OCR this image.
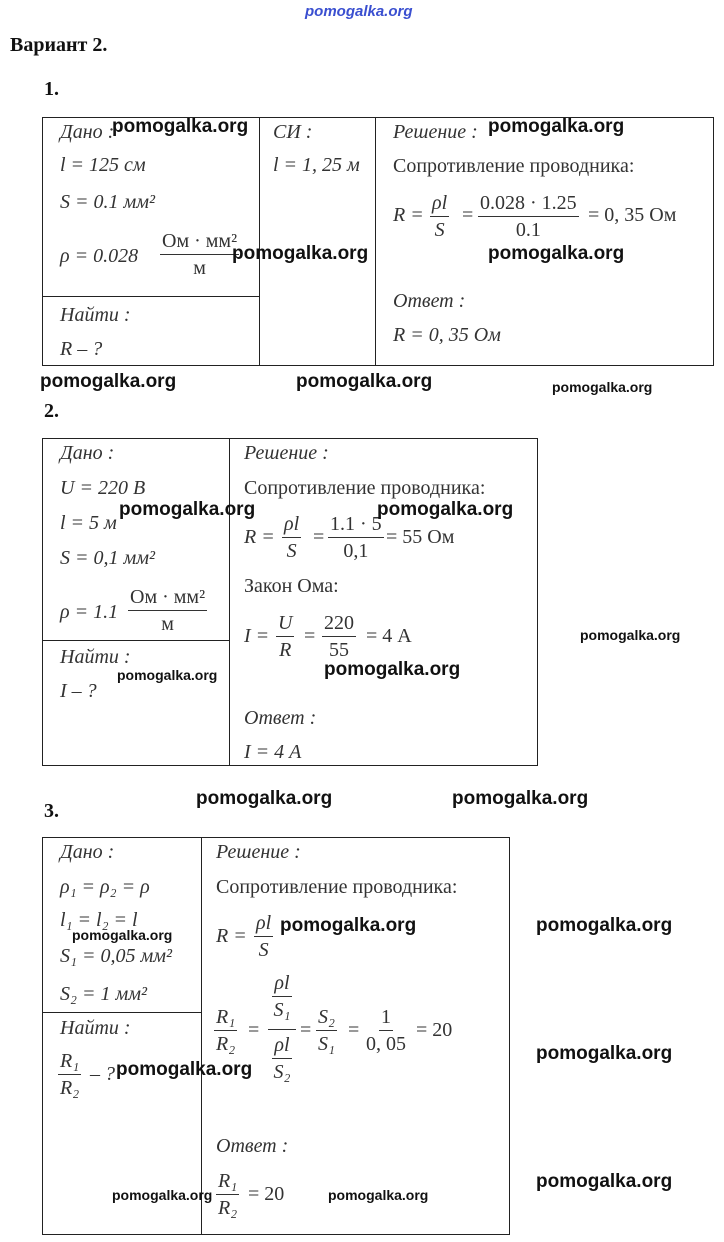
pomogalka.org
Вариант 2.
1.
Дано :
l = 125 см
S = 0.1 мм²
ρ = 0.028
Ом · мм²
м
Найти :
R – ?
СИ :
l = 1, 25 м
Решение :
Сопротивление проводника:
$R = \frac{\rho l}{S} = \frac{0.028 \cdot 1.25}{0.1} = 0$, 35 Ом
Ответ :
R = 0, 35 Ом
pomogalka.org	pomogalka.org
pomogalka.org	pomogalka.org
pomogalka.org	pomogalka.org	pomogalka.org
2.
Дано :
U = 220 В
l = 5 м
S = 0,1 мм²
ρ = 1.1
Ом · мм²
м
Найти :
I – ?
Решение :
Сопротивление проводника:
$R = \frac{\rho l}{S} = \frac{1.1 \cdot 5}{0,1} = 55$ Ом
Закон Ома:
$I = \frac{U}{R} = \frac{220}{55} = 4$ А
Ответ :
I = 4 А
pomogalka.org	pomogalka.org
pomogalka.org
pomogalka.org	pomogalka.org
3.
pomogalka.org	pomogalka.org
Дано :
ρ₁ = ρ₂ = ρ
l₁ = l₂ = l
S₁ = 0,05 мм²
S₂ = 1 мм²
Найти :
$\frac{\text{R₁}}{\text{R₂}}$ – ?
Решение :
Сопротивление проводника:
$R = \frac{\rho l}{S}$
$\frac{\text{R₁}}{\text{R₂}}$ =
$\frac{\rho l}{\text{S₁}}$
$\frac{\rho l}{\text{S₂}}$
= $\frac{\text{S₂}}{\text{S₁}} = \frac{1}{0, 05} = 20$
Ответ :
$\frac{\text{R₁}}{\text{R₂}} = 20$
pomogalka.org	pomogalka.org	pomogalka.org
pomogalka.org
pomogalka.org
pomogalka.org
pomogalka.org	pomogalka.org
